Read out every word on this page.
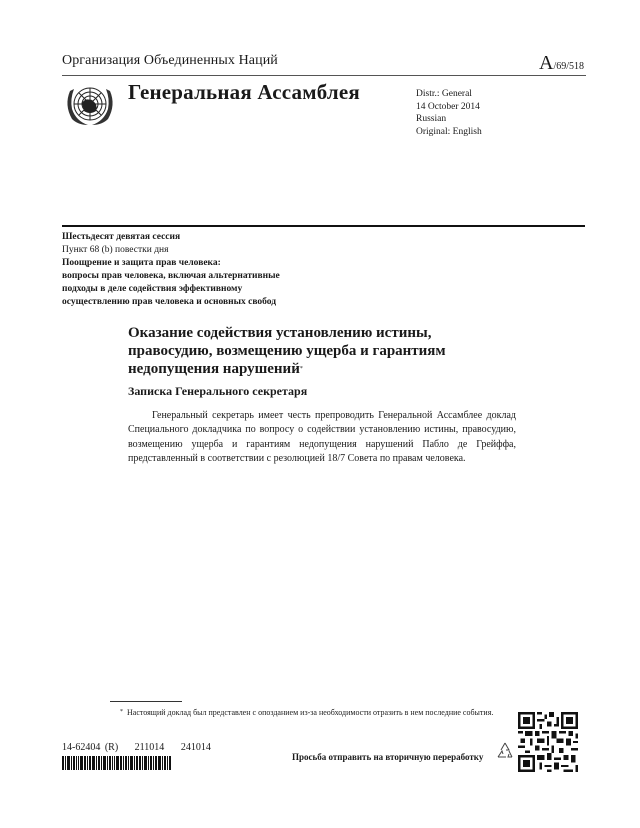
Организация Объединенных Наций	A/69/518
Генеральная Ассамблея	Distr.: General
14 October 2014
Russian
Original: English
Шестьдесят девятая сессия
Пункт 68 (b) повестки дня
Поощрение и защита прав человека:
вопросы прав человека, включая альтернативные
подходы в деле содействия эффективному
осуществлению прав человека и основных свобод
Оказание содействия установлению истины,
правосудию, возмещению ущерба и гарантиям
недопущения нарушений*
Записка Генерального секретаря
Генеральный секретарь имеет честь препроводить Генеральной Ассамблее доклад Специального докладчика по вопросу о содействии установлению истины, правосудию, возмещению ущерба и гарантиям недопущения нарушений Пабло де Грейффа, представленный в соответствии с резолюцией 18/7 Совета по правам человека.
* Настоящий доклад был представлен с опозданием из-за необходимости отразить в нем последние события.
14-62404 (R) 211014 241014
Просьба отправить на вторичную переработку
